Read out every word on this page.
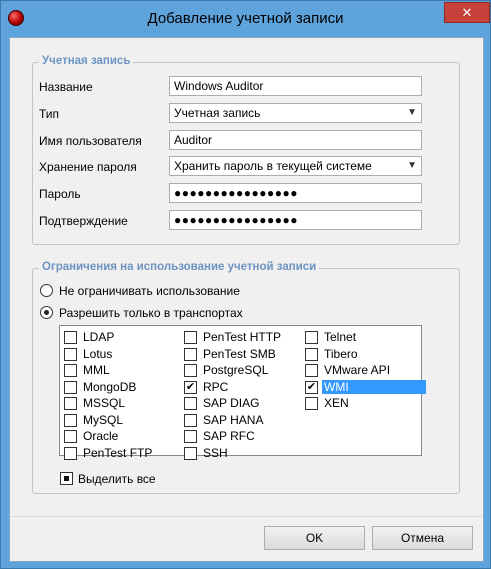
Добавление учетной записи	✕
Учетная запись
Название	Windows Auditor
Тип	Учетная запись	▼
Имя пользователя	Auditor
Хранение пароля	Хранить пароль в текущей системе	▼
Пароль	●●●●●●●●●●●●●●●●
Подтверждение	●●●●●●●●●●●●●●●●
Ограничения на использование учетной записи
Не ограничивать использование
Разрешить только в транспортах
LDAP
Lotus
MML
MongoDB
MSSQL
MySQL
Oracle
PenTest FTP
PenTest HTTP
PenTest SMB
PostgreSQL
✔ RPC
SAP DIAG
SAP HANA
SAP RFC
SSH
Telnet
Tibero
VMware API
✔ WMI
XEN
Выделить все
OK	Отмена
